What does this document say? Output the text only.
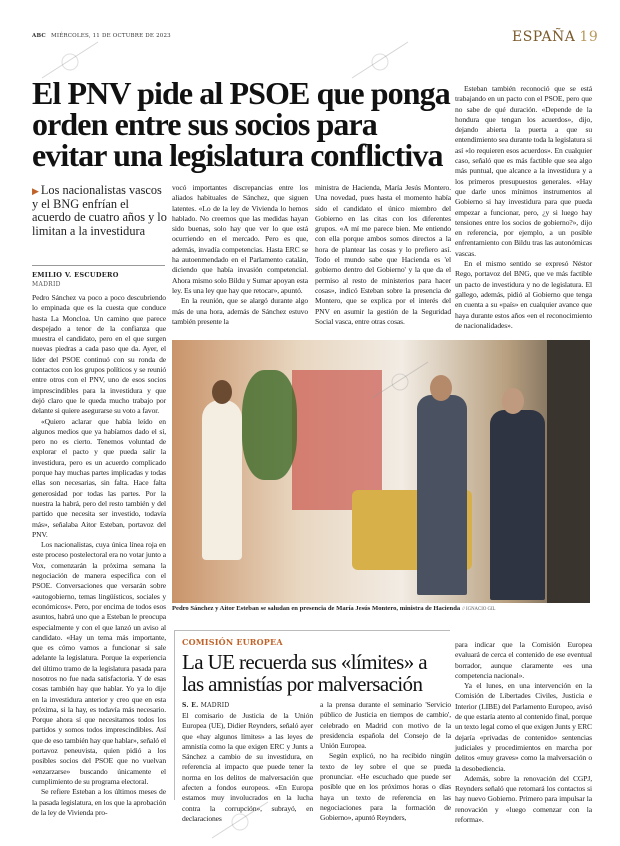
ABC MIÉRCOLES, 11 DE OCTUBRE DE 2023	ESPAÑA 19
El PNV pide al PSOE que ponga orden entre sus socios para evitar una legislatura conflictiva
▶ Los nacionalistas vascos y el BNG enfrían el acuerdo de cuatro años y lo limitan a la investidura
EMILIO V. ESCUDERO
MADRID

Pedro Sánchez va poco a poco descubriendo lo empinada que es la cuesta que conduce hasta La Moncloa. Un camino que parece despejado a tenor de la confianza que muestra el candidato, pero en el que surgen nuevas piedras a cada paso que da. Ayer, el líder del PSOE continuó con su ronda de contactos con los grupos políticos y se reunió entre otros con el PNV, uno de esos socios imprescindibles para la investidura y que dejó claro que le queda mucho trabajo por delante si quiere asegurarse su voto a favor.

«Quiero aclarar que había leído en algunos medios que ya habíamos dado el sí, pero no es cierto. Tenemos voluntad de explorar el pacto y que pueda salir la investidura, pero es un acuerdo complicado porque hay muchas partes implicadas y todas ellas son necesarias, sin falta. Hace falta generosidad por todas las partes. Por la nuestra la habrá, pero del resto también y del partido que necesita ser investido, todavía más», señalaba Aitor Esteban, portavoz del PNV.

Los nacionalistas, cuya única línea roja en este proceso postelectoral era no votar junto a Vox, comenzarán la próxima semana la negociación de manera específica con el PSOE. Conversaciones que versarán sobre «autogobierno, temas lingüísticos, sociales y económicos». Pero, por encima de todos esos asuntos, habrá uno que a Esteban le preocupa especialmente y con el que lanzó un aviso al candidato. «Hay un tema más importante, que es cómo vamos a funcionar si sale adelante la legislatura. Porque la experiencia del último tramo de la legislatura pasada para nosotros no fue nada satisfactoria. Y de esas cosas también hay que hablar. Yo ya lo dije en la investidura anterior y creo que en esta próxima, si la hay, es todavía más necesario. Porque ahora sí que necesitamos todos los partidos y somos todos imprescindibles. Así que de eso también hay que hablar», señaló el portavoz peneuvista, quien pidió a los posibles socios del PSOE que no vuelvan «enzarzarse» buscando únicamente el cumplimiento de su programa electoral.

Se refiere Esteban a los últimos meses de la pasada legislatura, en los que la aprobación de la ley de Vivienda pro-

vocó importantes discrepancias entre los aliados habituales de Sánchez, que siguen latentes. «Lo de la ley de Vivienda lo hemos hablado. No creemos que las medidas hayan sido buenas, solo hay que ver lo que está ocurriendo en el mercado. Pero es que, además, invadía competencias. Hasta ERC se ha autoenmendado en el Parlamento catalán, diciendo que había invasión competencial. Ahora mismo solo Bildu y Sumar apoyan esta ley. Es una ley que hay que retocar», apuntó.

En la reunión, que se alargó durante algo más de una hora, además de Sánchez estuvo también presente la

ministra de Hacienda, María Jesús Montero. Una novedad, pues hasta el momento había sido el candidato el único miembro del Gobierno en las citas con los diferentes grupos. «A mí me parece bien. Me entiendo con ella porque ambos somos directos a la hora de plantear las cosas y lo prefiero así. Todo el mundo sabe que Hacienda es 'el gobierno dentro del Gobierno' y la que da el permiso al resto de ministerios para hacer cosas», indicó Esteban sobre la presencia de Montero, que se explica por el interés del PNV en asumir la gestión de la Seguridad Social vasca, entre otras cosas.

Esteban también reconoció que se está trabajando en un pacto con el PSOE, pero que no sabe de qué duración. «Depende de la hondura que tengan los acuerdos», dijo, dejando abierta la puerta a que su entendimiento sea durante toda la legislatura si así «lo requieren esos acuerdos». En cualquier caso, señaló que es más factible que sea algo más puntual, que alcance a la investidura y a los primeros presupuestos generales. «Hay que darle unos mínimos instrumentos al Gobierno si hay investidura para que pueda empezar a funcionar, pero, ¿y si luego hay tensiones entre los socios de gobierno?», dijo en referencia, por ejemplo, a un posible enfrentamiento con Bildu tras las autonómicas vascas.

En el mismo sentido se expresó Néstor Rego, portavoz del BNG, que ve más factible un pacto de investidura y no de legislatura. El gallego, además, pidió al Gobierno que tenga en cuenta a su «país» en cualquier avance que haya durante estos años «en el reconocimiento de nacionalidades».

Pedro Sánchez y Aitor Esteban se saludan en presencia de María Jesús Montero, ministra de Hacienda // IGNACIO GIL
COMISIÓN EUROPEA
La UE recuerda sus «límites» a las amnistías por malversación
S. E. MADRID

El comisario de Justicia de la Unión Europea (UE), Didier Reynders, señaló ayer que «hay algunos límites» a las leyes de amnistía como la que exigen ERC y Junts a Sánchez a cambio de su investidura, en referencia al impacto que puede tener la norma en los delitos de malversación que afecten a fondos europeos. «En Europa estamos muy involucrados en la lucha contra la corrupción», subrayó, en declaraciones

a la prensa durante el seminario 'Servicio público de Justicia en tiempos de cambio', celebrado en Madrid con motivo de la presidencia española del Consejo de la Unión Europea.

Según explicó, no ha recibido ningún texto de ley sobre el que se pueda pronunciar. «He escuchado que puede ser posible que en los próximos horas o días haya un texto de referencia en las negociaciones para la formación de Gobierno», apuntó Reynders,

para indicar que la Comisión Europea evaluará de cerca el contenido de ese eventual borrador, aunque claramente «es una competencia nacional».

Ya el lunes, en una intervención en la Comisión de Libertades Civiles, Justicia e Interior (LIBE) del Parlamento Europeo, avisó de que estaría atento al contenido final, porque un texto legal como el que exigen Junts y ERC dejaría «privadas de contenido» sentencias judiciales y procedimientos en marcha por delitos «muy graves» como la malversación o la desobediencia.

Además, sobre la renovación del CGPJ, Reynders señaló que retomará los contactos si hay nuevo Gobierno. Primero para impulsar la renovación y «luego comenzar con la reforma».
